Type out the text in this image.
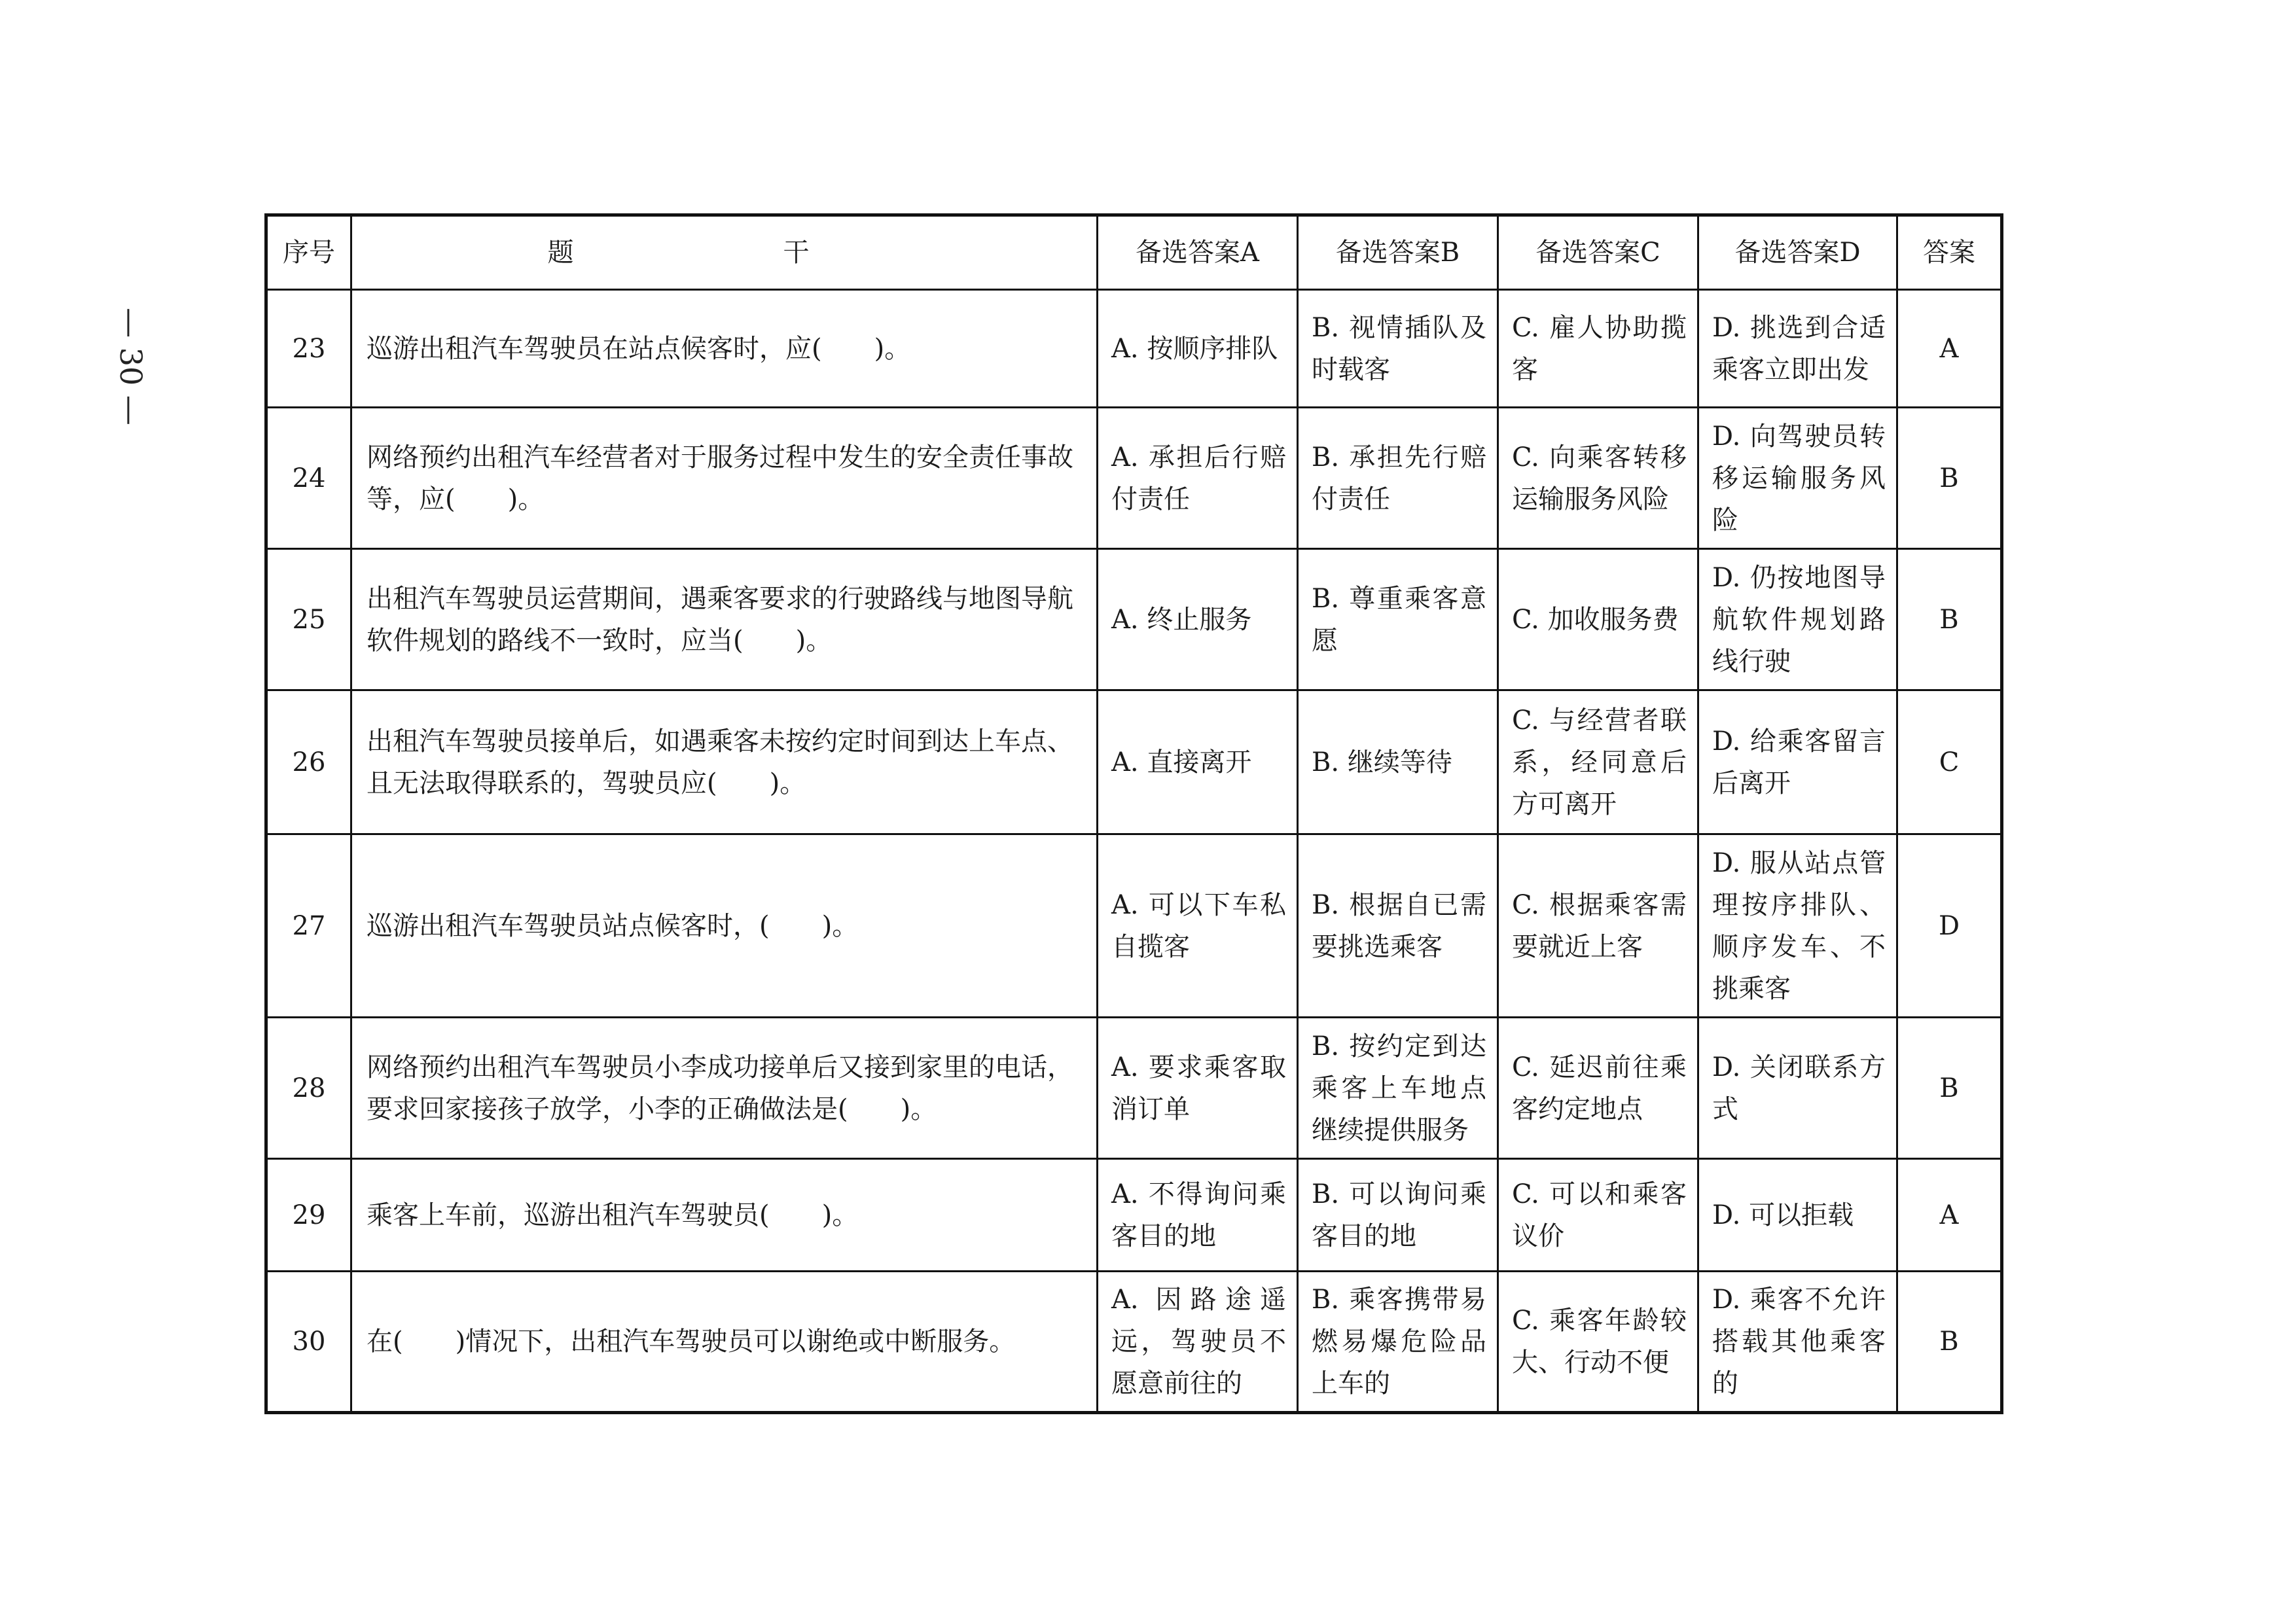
— 30 —
序号	题　干	备选答案A	备选答案B	备选答案C	备选答案D	答案
23	巡游出租汽车驾驶员在站点候客时，应(　　)。	A. 按顺序排队	B. 视情插队及时载客	C. 雇人协助揽客	D. 挑选到合适乘客立即出发	A
24	网络预约出租汽车经营者对于服务过程中发生的安全责任事故等，应(　　)。	A. 承担后行赔付责任	B. 承担先行赔付责任	C. 向乘客转移运输服务风险	D. 向驾驶员转移运输服务风险	B
25	出租汽车驾驶员运营期间，遇乘客要求的行驶路线与地图导航软件规划的路线不一致时，应当(　　)。	A. 终止服务	B. 尊重乘客意愿	C. 加收服务费	D. 仍按地图导航软件规划路线行驶	B
26	出租汽车驾驶员接单后，如遇乘客未按约定时间到达上车点、且无法取得联系的，驾驶员应(　　)。	A. 直接离开	B. 继续等待	C. 与经营者联系，经同意后方可离开	D. 给乘客留言后离开	C
27	巡游出租汽车驾驶员站点候客时，(　　)。	A. 可以下车私自揽客	B. 根据自已需要挑选乘客	C. 根据乘客需要就近上客	D. 服从站点管理按序排队、顺序发车、不挑乘客	D
28	网络预约出租汽车驾驶员小李成功接单后又接到家里的电话，要求回家接孩子放学，小李的正确做法是(　　)。	A. 要求乘客取消订单	B. 按约定到达乘客上车地点继续提供服务	C. 延迟前往乘客约定地点	D. 关闭联系方式	B
29	乘客上车前，巡游出租汽车驾驶员(　　)。	A. 不得询问乘客目的地	B. 可以询问乘客目的地	C. 可以和乘客议价	D. 可以拒载	A
30	在(　　)情况下，出租汽车驾驶员可以谢绝或中断服务。	A. 因路途遥远，驾驶员不愿意前往的	B. 乘客携带易燃易爆危险品上车的	C. 乘客年龄较大、行动不便	D. 乘客不允许搭载其他乘客的	B
